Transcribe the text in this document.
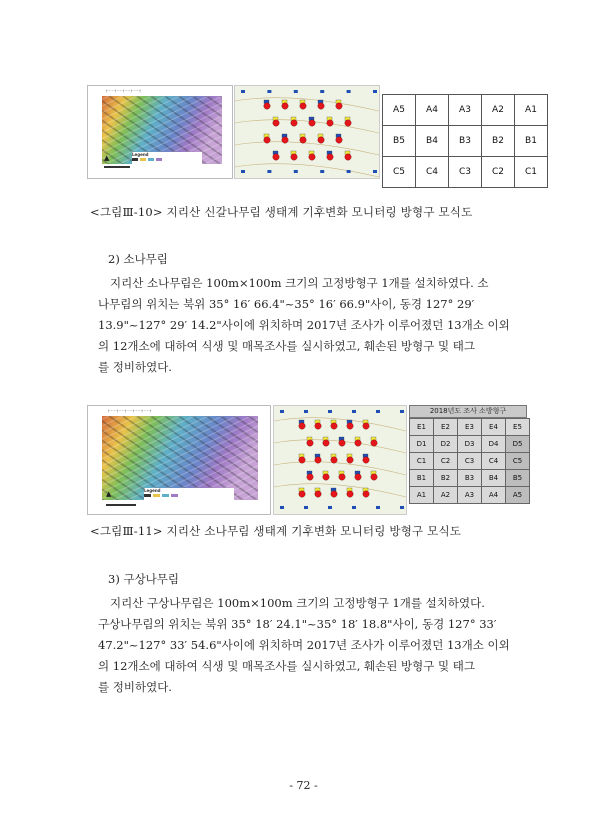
┼ ─ ─ ┼ ─ ─ ┼ ─ ─ ┼ ─ ─ ┼
Legend
▲
A5	A4	A3	A2	A1
B5	B4	B3	B2	B1
C5	C4	C3	C2	C1
<그림Ⅲ-10> 지리산 신갈나무림 생태계 기후변화 모니터링 방형구 모식도
2) 소나무림
지리산 소나무림은 100m×100m 크기의 고정방형구 1개를 설치하였다. 소
나무림의 위치는 북위 35° 16′ 66.4"~35° 16′ 66.9"사이, 동경 127° 29′
13.9"~127° 29′ 14.2"사이에 위치하며 2017년 조사가 이루어졌던 13개소 이외
의 12개소에 대하여 식생 및 매목조사를 실시하였고, 훼손된 방형구 및 태그
를 정비하였다.
┼ ─ ─ ┼ ─ ─ ┼ ─ ─ ┼ ─ ─ ┼ ─ ─ ┼
Legend
▲
2018년도 조사 소방형구
E1	E2	E3	E4	E5
D1	D2	D3	D4	D5
C1	C2	C3	C4	C5
B1	B2	B3	B4	B5
A1	A2	A3	A4	A5
<그림Ⅲ-11> 지리산 소나무림 생태계 기후변화 모니터링 방형구 모식도
3) 구상나무림
지리산 구상나무림은 100m×100m 크기의 고정방형구 1개를 설치하였다.
구상나무림의 위치는 북위 35° 18′ 24.1"~35° 18′ 18.8"사이, 동경 127° 33′
47.2"~127° 33′ 54.6"사이에 위치하며 2017년 조사가 이루어졌던 13개소 이외
의 12개소에 대하여 식생 및 매목조사를 실시하였고, 훼손된 방형구 및 태그
를 정비하였다.
- 72 -
